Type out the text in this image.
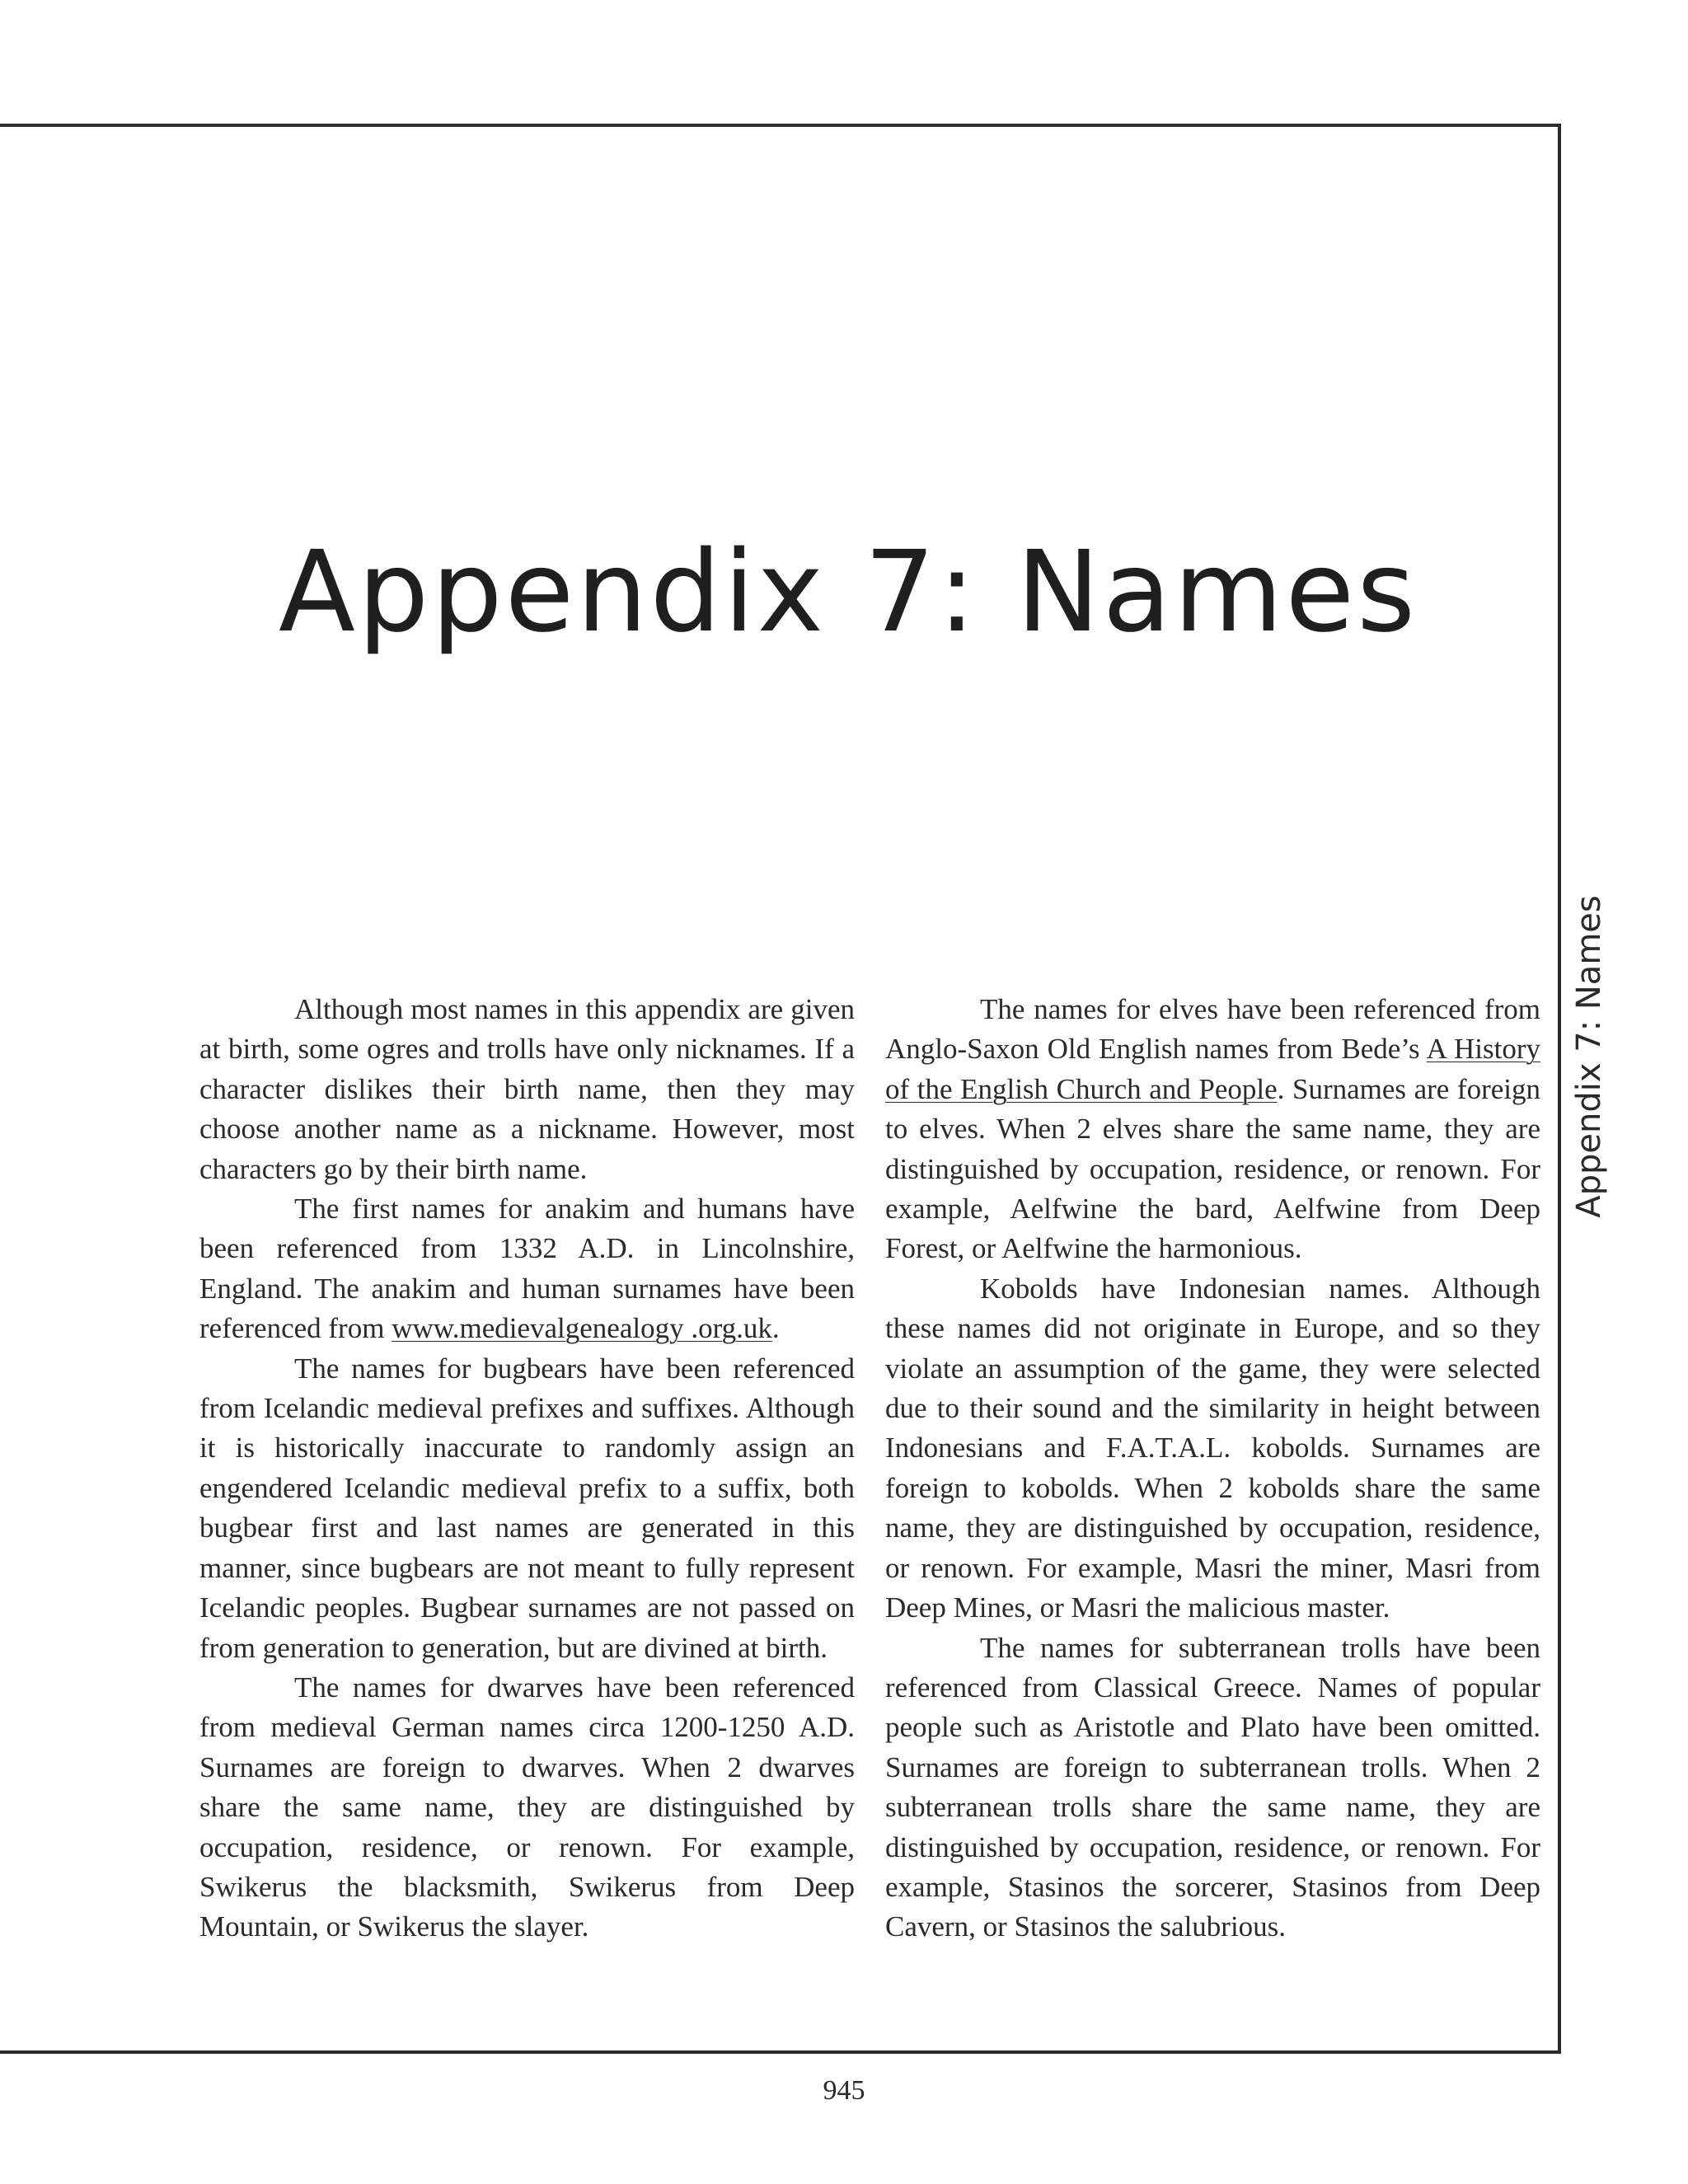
Appendix 7: Names
Appendix 7: Names

Although most names in this appendix are given at birth, some ogres and trolls have only nicknames. If a character dislikes their birth name, then they may choose another name as a nickname. However, most characters go by their birth name.

The first names for anakim and humans have been referenced from 1332 A.D. in Lincolnshire, England. The anakim and human surnames have been referenced from www.medievalgenealogy .org.uk.

The names for bugbears have been referenced from Icelandic medieval prefixes and suffixes. Although it is historically inaccurate to randomly assign an engendered Icelandic medieval prefix to a suffix, both bugbear first and last names are generated in this manner, since bugbears are not meant to fully represent Icelandic peoples. Bugbear surnames are not passed on from generation to generation, but are divined at birth.

The names for dwarves have been referenced from medieval German names circa 1200-1250 A.D. Surnames are foreign to dwarves. When 2 dwarves share the same name, they are distinguished by occupation, residence, or renown. For example, Swikerus the blacksmith, Swikerus from Deep Mountain, or Swikerus the slayer.

The names for elves have been referenced from Anglo-Saxon Old English names from Bede’s A History of the English Church and People. Surnames are foreign to elves. When 2 elves share the same name, they are distinguished by occupation, residence, or renown. For example, Aelfwine the bard, Aelfwine from Deep Forest, or Aelfwine the harmonious.

Kobolds have Indonesian names. Although these names did not originate in Europe, and so they violate an assumption of the game, they were selected due to their sound and the similarity in height between Indonesians and F.A.T.A.L. kobolds. Surnames are foreign to kobolds. When 2 kobolds share the same name, they are distinguished by occupation, residence, or renown. For example, Masri the miner, Masri from Deep Mines, or Masri the malicious master.

The names for subterranean trolls have been referenced from Classical Greece. Names of popular people such as Aristotle and Plato have been omitted. Surnames are foreign to subterranean trolls. When 2 subterranean trolls share the same name, they are distinguished by occupation, residence, or renown. For example, Stasinos the sorcerer, Stasinos from Deep Cavern, or Stasinos the salubrious.

945
